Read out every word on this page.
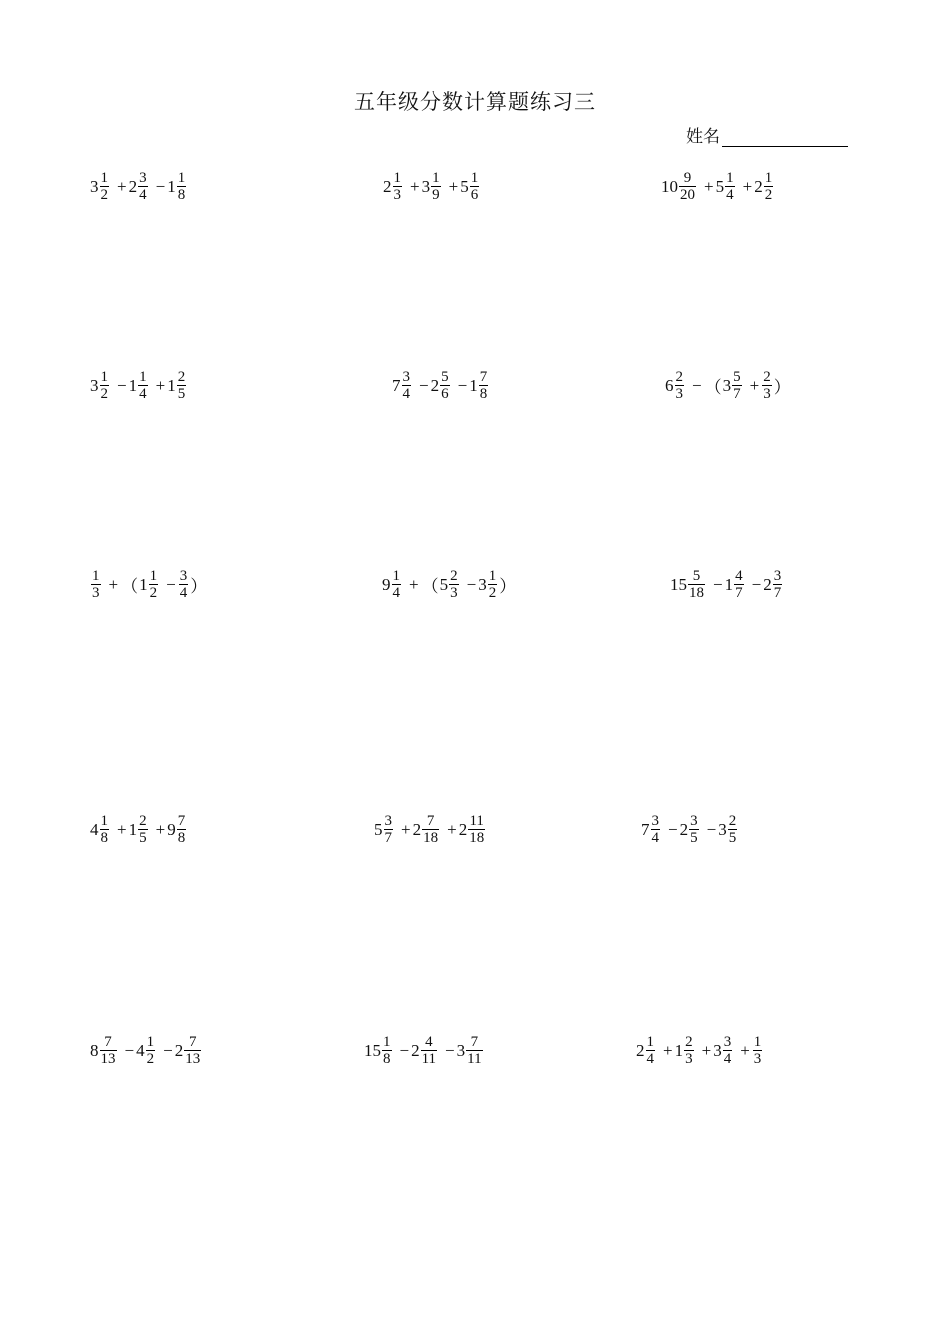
五年级分数计算题练习三
姓名
$3 \frac{1}{2} + 2 \frac{3}{4} - 1 \frac{1}{8}$	$2 \frac{1}{3} + 3 \frac{1}{9} + 5 \frac{1}{6}$	$10 \frac{9}{20} + 5 \frac{1}{4} + 2 \frac{1}{2}$
$3 \frac{1}{2} - 1 \frac{1}{4} + 1 \frac{2}{5}$	$7 \frac{3}{4} - 2 \frac{5}{6} - 1 \frac{7}{8}$	$6 \frac{2}{3}$ − （ $3 \frac{5}{7} + \frac{2}{3}$ ）
$\frac{1}{3}$ + （ $1 \frac{1}{2} - \frac{3}{4}$ ）	$9 \frac{1}{4}$ + （ $5 \frac{2}{3} - 3 \frac{1}{2}$ ）	$15 \frac{5}{18} - 1 \frac{4}{7} - 2 \frac{3}{7}$
$4 \frac{1}{8} + 1 \frac{2}{5} + 9 \frac{7}{8}$	$5 \frac{3}{7} + 2 \frac{7}{18} + 2 \frac{11}{18}$	$7 \frac{3}{4} - 2 \frac{3}{5} - 3 \frac{2}{5}$
$8 \frac{7}{13} - 4 \frac{1}{2} - 2 \frac{7}{13}$	$15 \frac{1}{8} - 2 \frac{4}{11} - 3 \frac{7}{11}$	$2 \frac{1}{4} + 1 \frac{2}{3} + 3 \frac{3}{4} + \frac{1}{3}$
